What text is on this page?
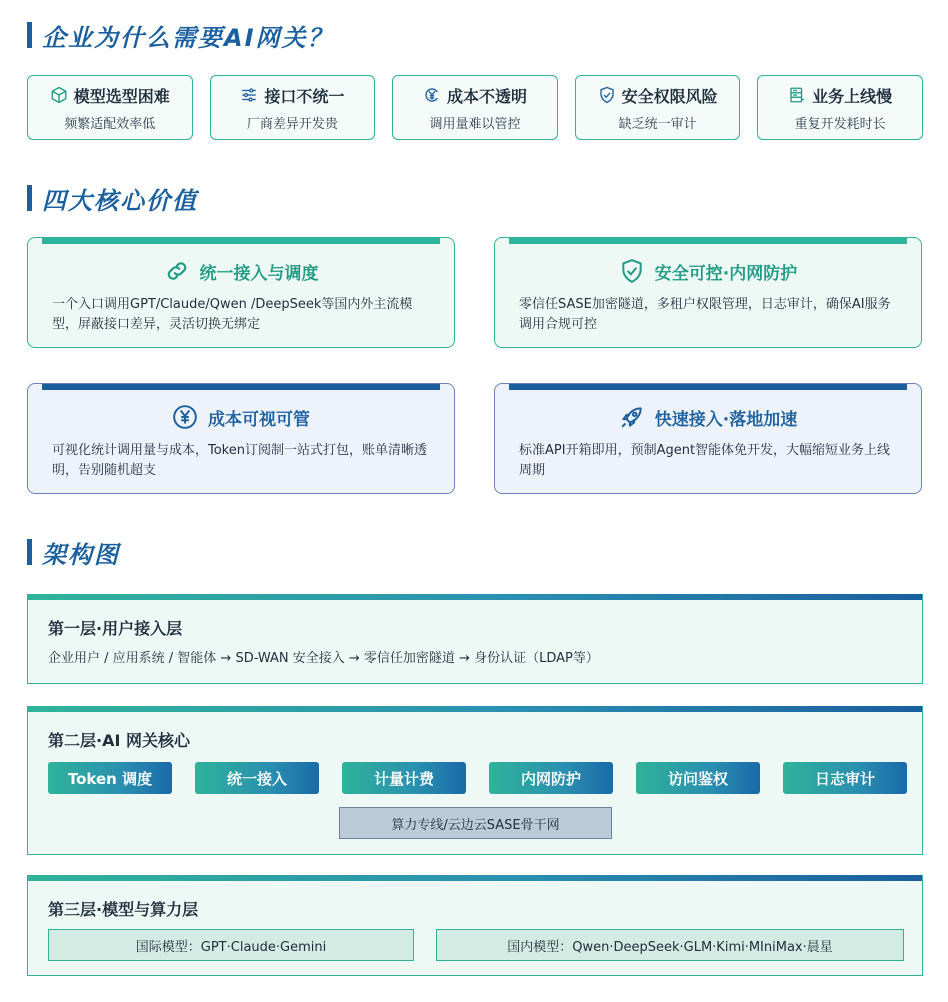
企业为什么需要AI网关？
模型选型困难
频繁适配效率低
接口不统一
厂商差异开发贵
成本不透明
调用量难以管控
安全权限风险
缺乏统一审计
业务上线慢
重复开发耗时长
四大核心价值
统一接入与调度
一个入口调用GPT/Claude/Qwen /DeepSeek等国内外主流模型，屏蔽接口差异，灵活切换无绑定
安全可控·内网防护
零信任SASE加密隧道，多租户权限管理，日志审计，确保AI服务调用合规可控
成本可视可管
可视化统计调用量与成本，Token订阅制一站式打包，账单清晰透明，告别随机超支
快速接入·落地加速
标准API开箱即用，预制Agent智能体免开发，大幅缩短业务上线周期
架构图
第一层·用户接入层
企业用户 / 应用系统 / 智能体 → SD-WAN 安全接入 → 零信任加密隧道 → 身份认证（LDAP等）
第二层·AI 网关核心
Token 调度	统一接入	计量计费	内网防护	访问鉴权	日志审计
算力专线/云边云SASE骨干网
第三层·模型与算力层
国际模型：GPT·Claude·Gemini	国内模型：Qwen·DeepSeek·GLM·Kimi·MIniMax·晨星
